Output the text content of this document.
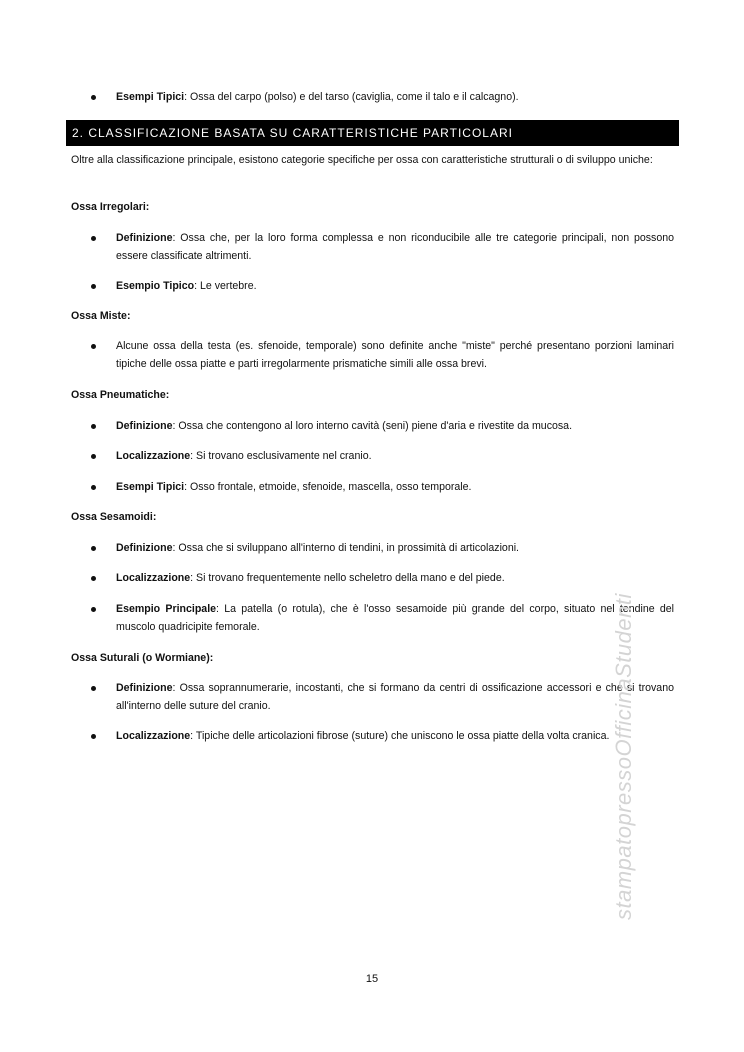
Esempi Tipici: Ossa del carpo (polso) e del tarso (caviglia, come il talo e il calcagno).
2. CLASSIFICAZIONE BASATA SU CARATTERISTICHE PARTICOLARI
Oltre alla classificazione principale, esistono categorie specifiche per ossa con caratteristiche strutturali o di sviluppo uniche:
Ossa Irregolari:
Definizione: Ossa che, per la loro forma complessa e non riconducibile alle tre categorie principali, non possono essere classificate altrimenti.
Esempio Tipico: Le vertebre.
Ossa Miste:
Alcune ossa della testa (es. sfenoide, temporale) sono definite anche "miste" perché presentano porzioni laminari tipiche delle ossa piatte e parti irregolarmente prismatiche simili alle ossa brevi.
Ossa Pneumatiche:
Definizione: Ossa che contengono al loro interno cavità (seni) piene d'aria e rivestite da mucosa.
Localizzazione: Si trovano esclusivamente nel cranio.
Esempi Tipici: Osso frontale, etmoide, sfenoide, mascella, osso temporale.
Ossa Sesamoidi:
Definizione: Ossa che si sviluppano all'interno di tendini, in prossimità di articolazioni.
Localizzazione: Si trovano frequentemente nello scheletro della mano e del piede.
Esempio Principale: La patella (o rotula), che è l'osso sesamoide più grande del corpo, situato nel tendine del muscolo quadricipite femorale.
Ossa Suturali (o Wormiane):
Definizione: Ossa soprannumerarie, incostanti, che si formano da centri di ossificazione accessori e che si trovano all'interno delle suture del cranio.
Localizzazione: Tipiche delle articolazioni fibrose (suture) che uniscono le ossa piatte della volta cranica. stampatopressoOfficinaStudenti
15
